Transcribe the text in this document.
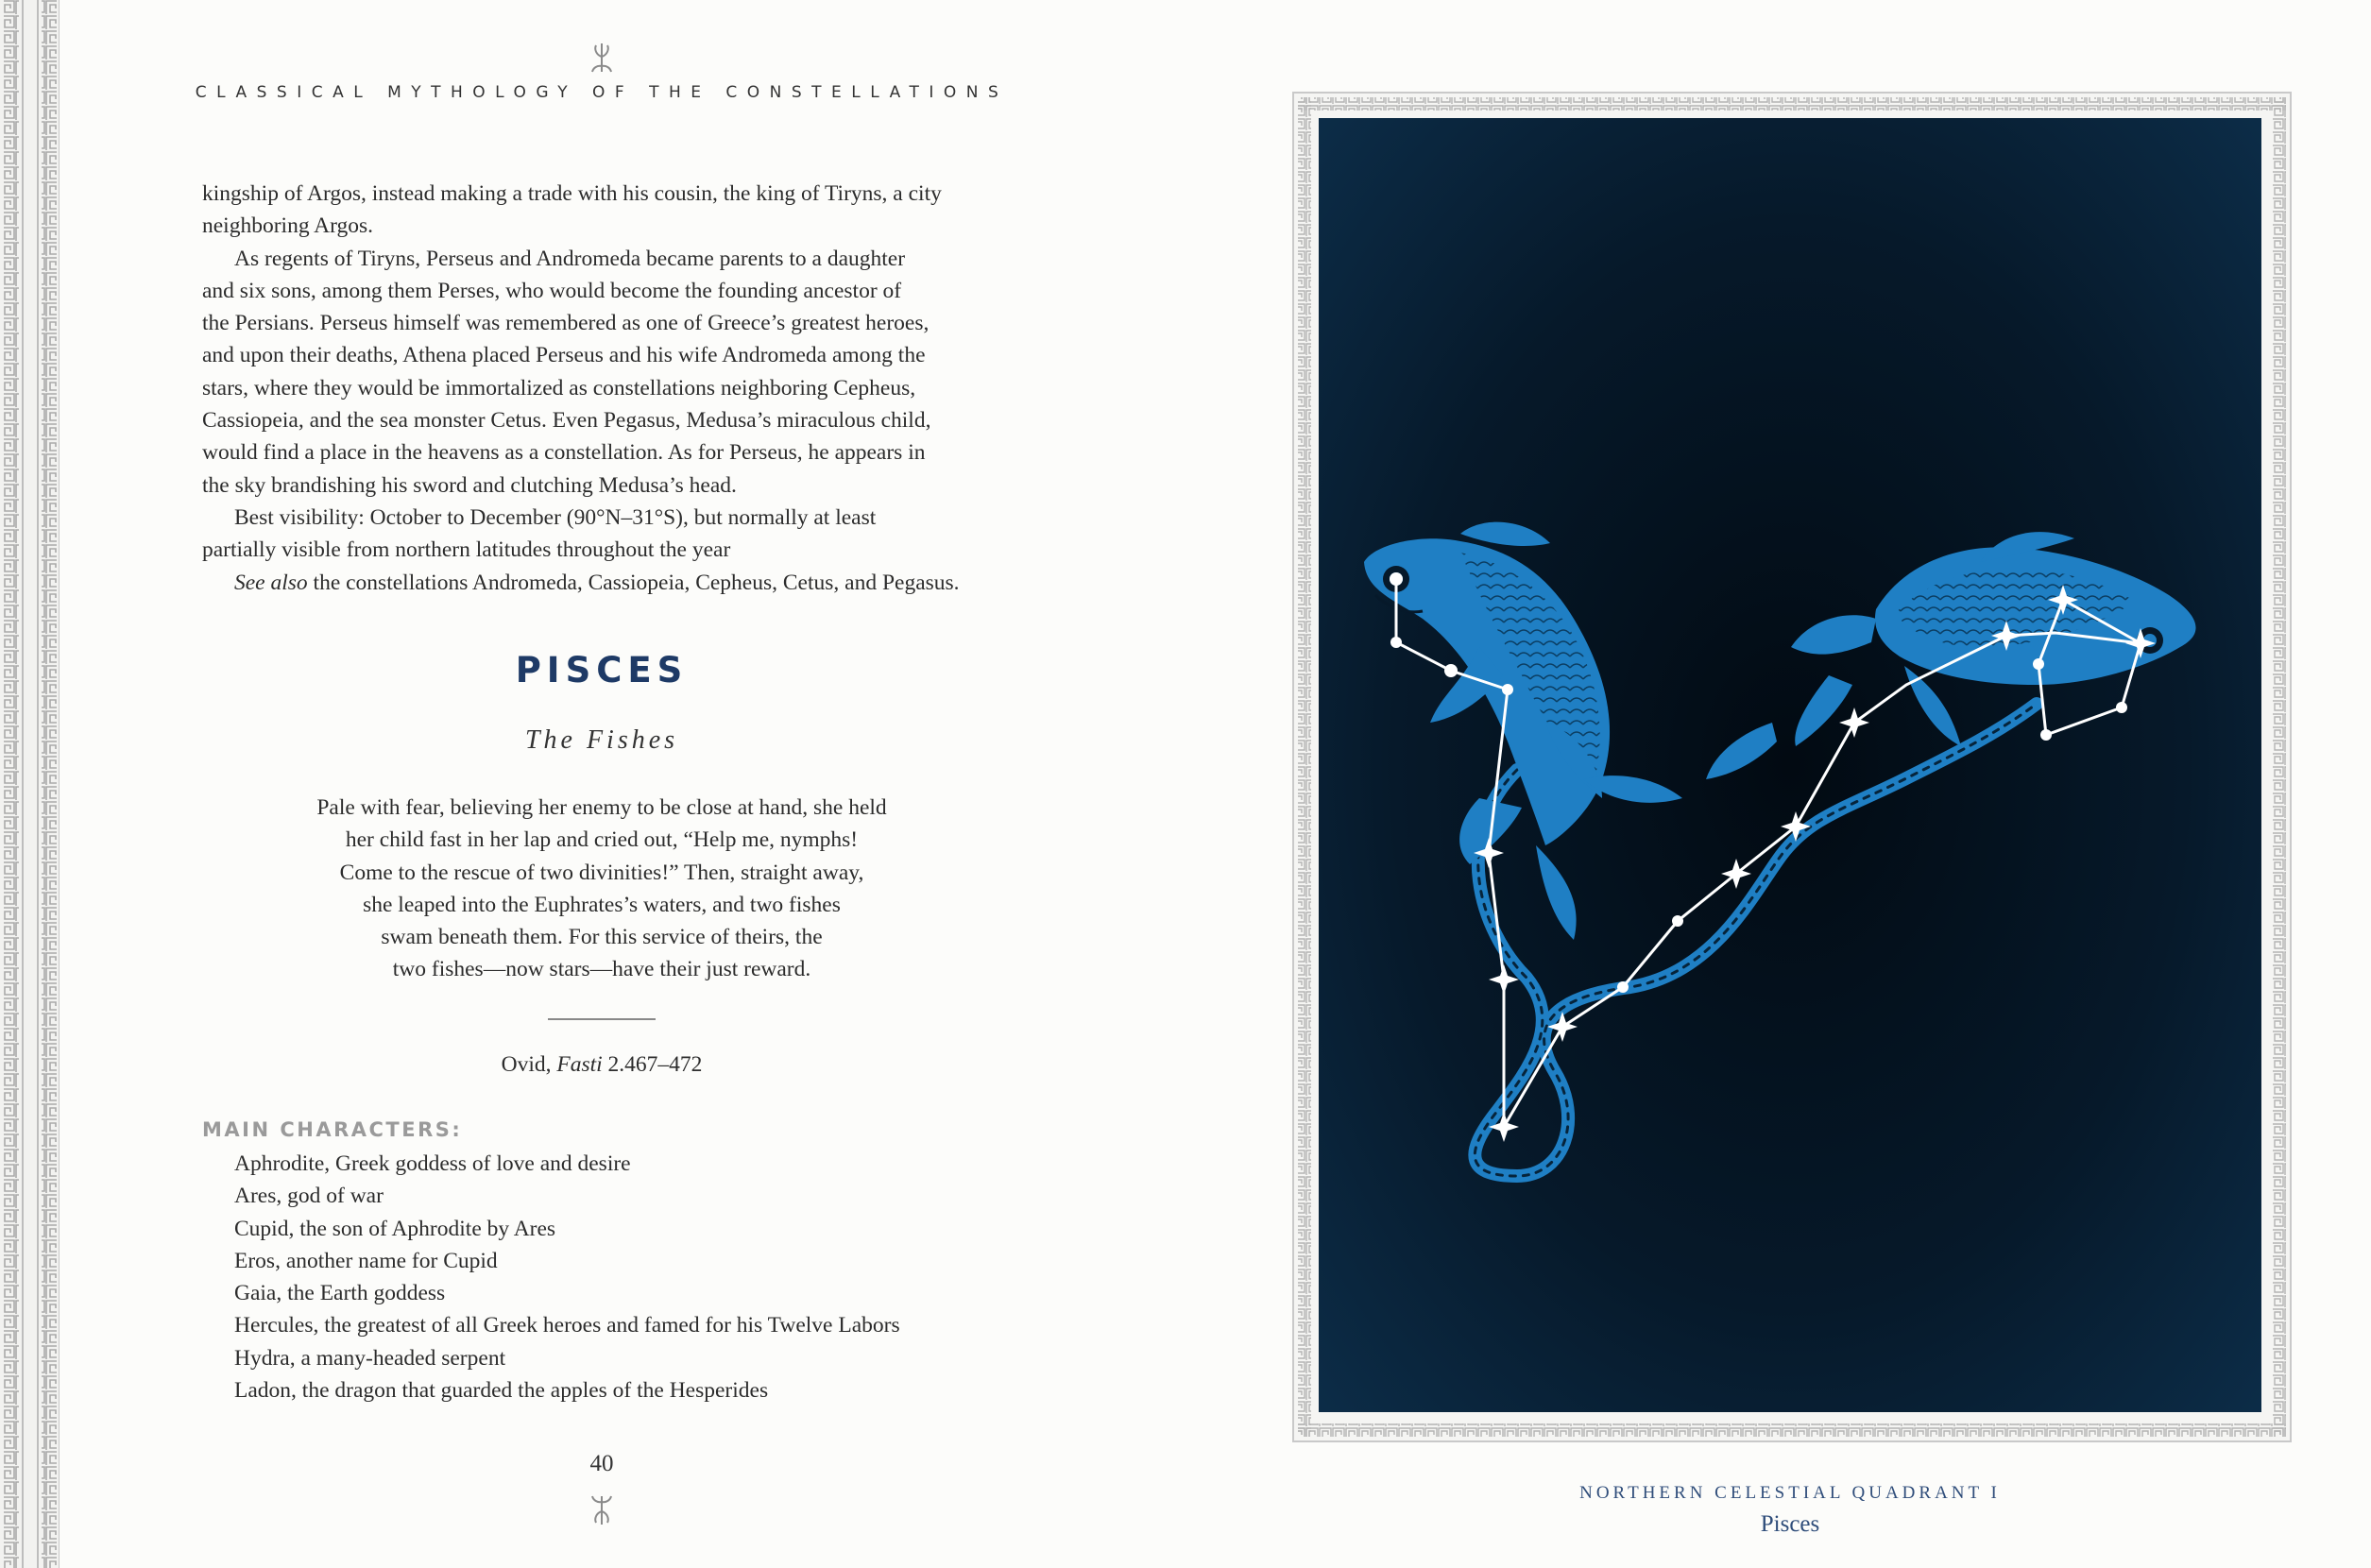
CLASSICAL MYTHOLOGY OF THE CONSTELLATIONS

kingship of Argos, instead making a trade with his cousin, the king of Tiryns, a city
neighboring Argos.

As regents of Tiryns, Perseus and Andromeda became parents to a daughter
and six sons, among them Perses, who would become the founding ancestor of
the Persians. Perseus himself was remembered as one of Greece’s greatest heroes,
and upon their deaths, Athena placed Perseus and his wife Andromeda among the
stars, where they would be immortalized as constellations neighboring Cepheus,
Cassiopeia, and the sea monster Cetus. Even Pegasus, Medusa’s miraculous child,
would find a place in the heavens as a constellation. As for Perseus, he appears in
the sky brandishing his sword and clutching Medusa’s head.

Best visibility: October to December (90°N–31°S), but normally at least
partially visible from northern latitudes throughout the year

See also the constellations Andromeda, Cassiopeia, Cepheus, Cetus, and Pegasus.

PISCES
The Fishes
Pale with fear, believing her enemy to be close at hand, she held
her child fast in her lap and cried out, “Help me, nymphs!
Come to the rescue of two divinities!” Then, straight away,
she leaped into the Euphrates’s waters, and two fishes
swam beneath them. For this service of theirs, the
two fishes—now stars—have their just reward.
Ovid, Fasti 2.467–472
MAIN CHARACTERS:
Aphrodite, Greek goddess of love and desire
Ares, god of war
Cupid, the son of Aphrodite by Ares
Eros, another name for Cupid
Gaia, the Earth goddess
Hercules, the greatest of all Greek heroes and famed for his Twelve Labors
Hydra, a many-headed serpent
Ladon, the dragon that guarded the apples of the Hesperides
40
NORTHERN CELESTIAL QUADRANT I
Pisces
